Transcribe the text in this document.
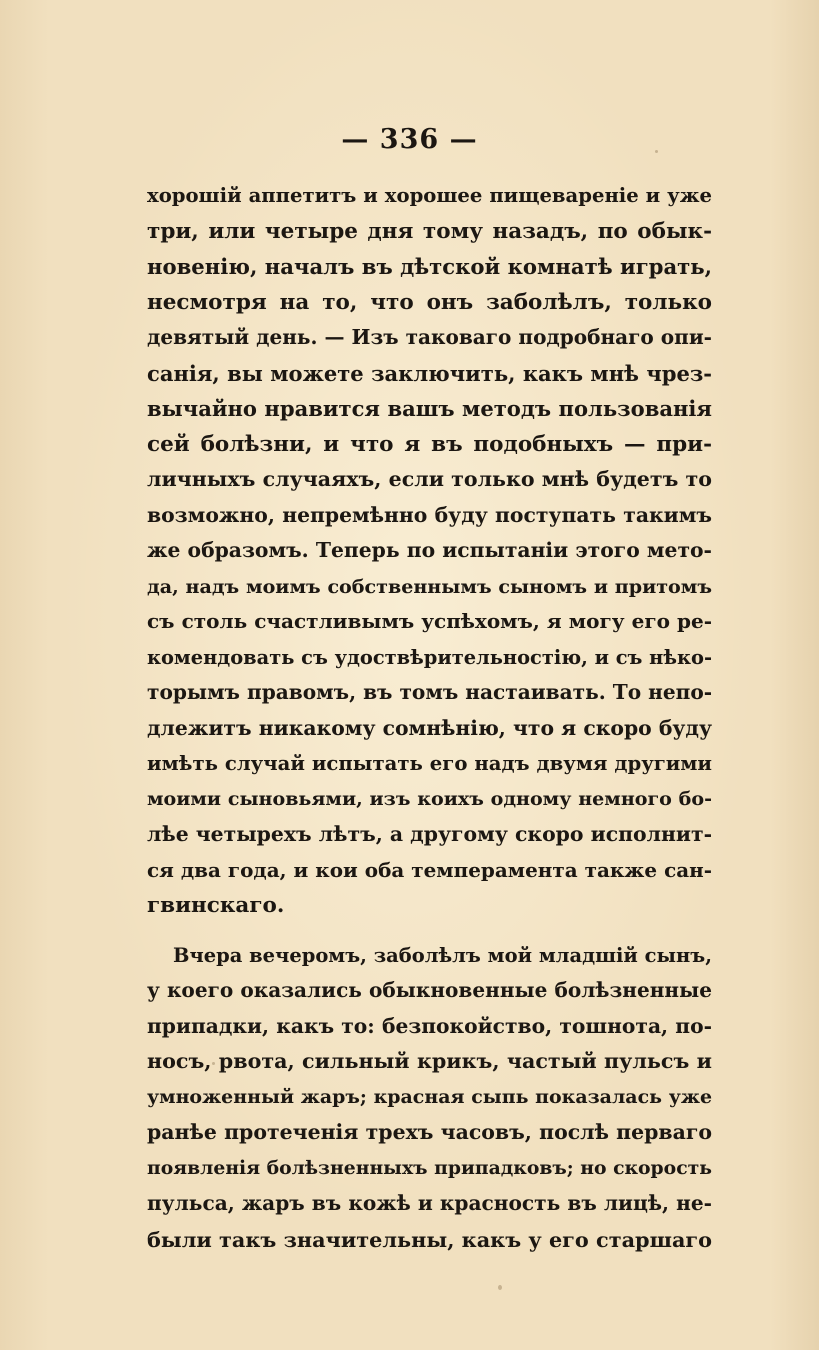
— 336 —
хорошій аппетитъ и хорошее пищевареніе и уже
три, или четыре дня тому назадъ, по обык-
новенію, началъ въ дѣтской комнатѣ играть,
несмотря на то, что онъ заболѣлъ, только
девятый день. — Изъ таковаго подробнаго опи-
санія, вы можете заключить, какъ мнѣ чрез-
вычайно нравится вашъ методъ пользованія
сей болѣзни, и что я въ подобныхъ — при-
личныхъ случаяхъ, если только мнѣ будетъ то
возможно, непремѣнно буду поступать такимъ
же образомъ. Теперь по испытаніи этого мето-
да, надъ моимъ собственнымъ сыномъ и притомъ
съ столь счастливымъ успѣхомъ, я могу его ре-
комендовать съ удоствѣрительностію, и съ нѣко-
торымъ правомъ, въ томъ настаивать. То непо-
длежитъ никакому сомнѣнію, что я скоро буду
имѣть случай испытать его надъ двумя другими
моими сыновьями, изъ коихъ одному немного бо-
лѣе четырехъ лѣтъ, а другому скоро исполнит-
ся два года, и кои оба темперамента также сан-
гвинскаго.
Вчера вечеромъ, заболѣлъ мой младшій сынъ,
у коего оказались обыкновенные болѣзненные
припадки, какъ то: безпокойство, тошнота, по-
носъ, рвота, сильный крикъ, частый пульсъ и
умноженный жаръ; красная сыпь показалась уже
ранѣе протеченія трехъ часовъ, послѣ перваго
появленія болѣзненныхъ припадковъ; но скорость
пульса, жаръ въ кожѣ и красность въ лицѣ, не-
были такъ значительны, какъ у его старшаго
